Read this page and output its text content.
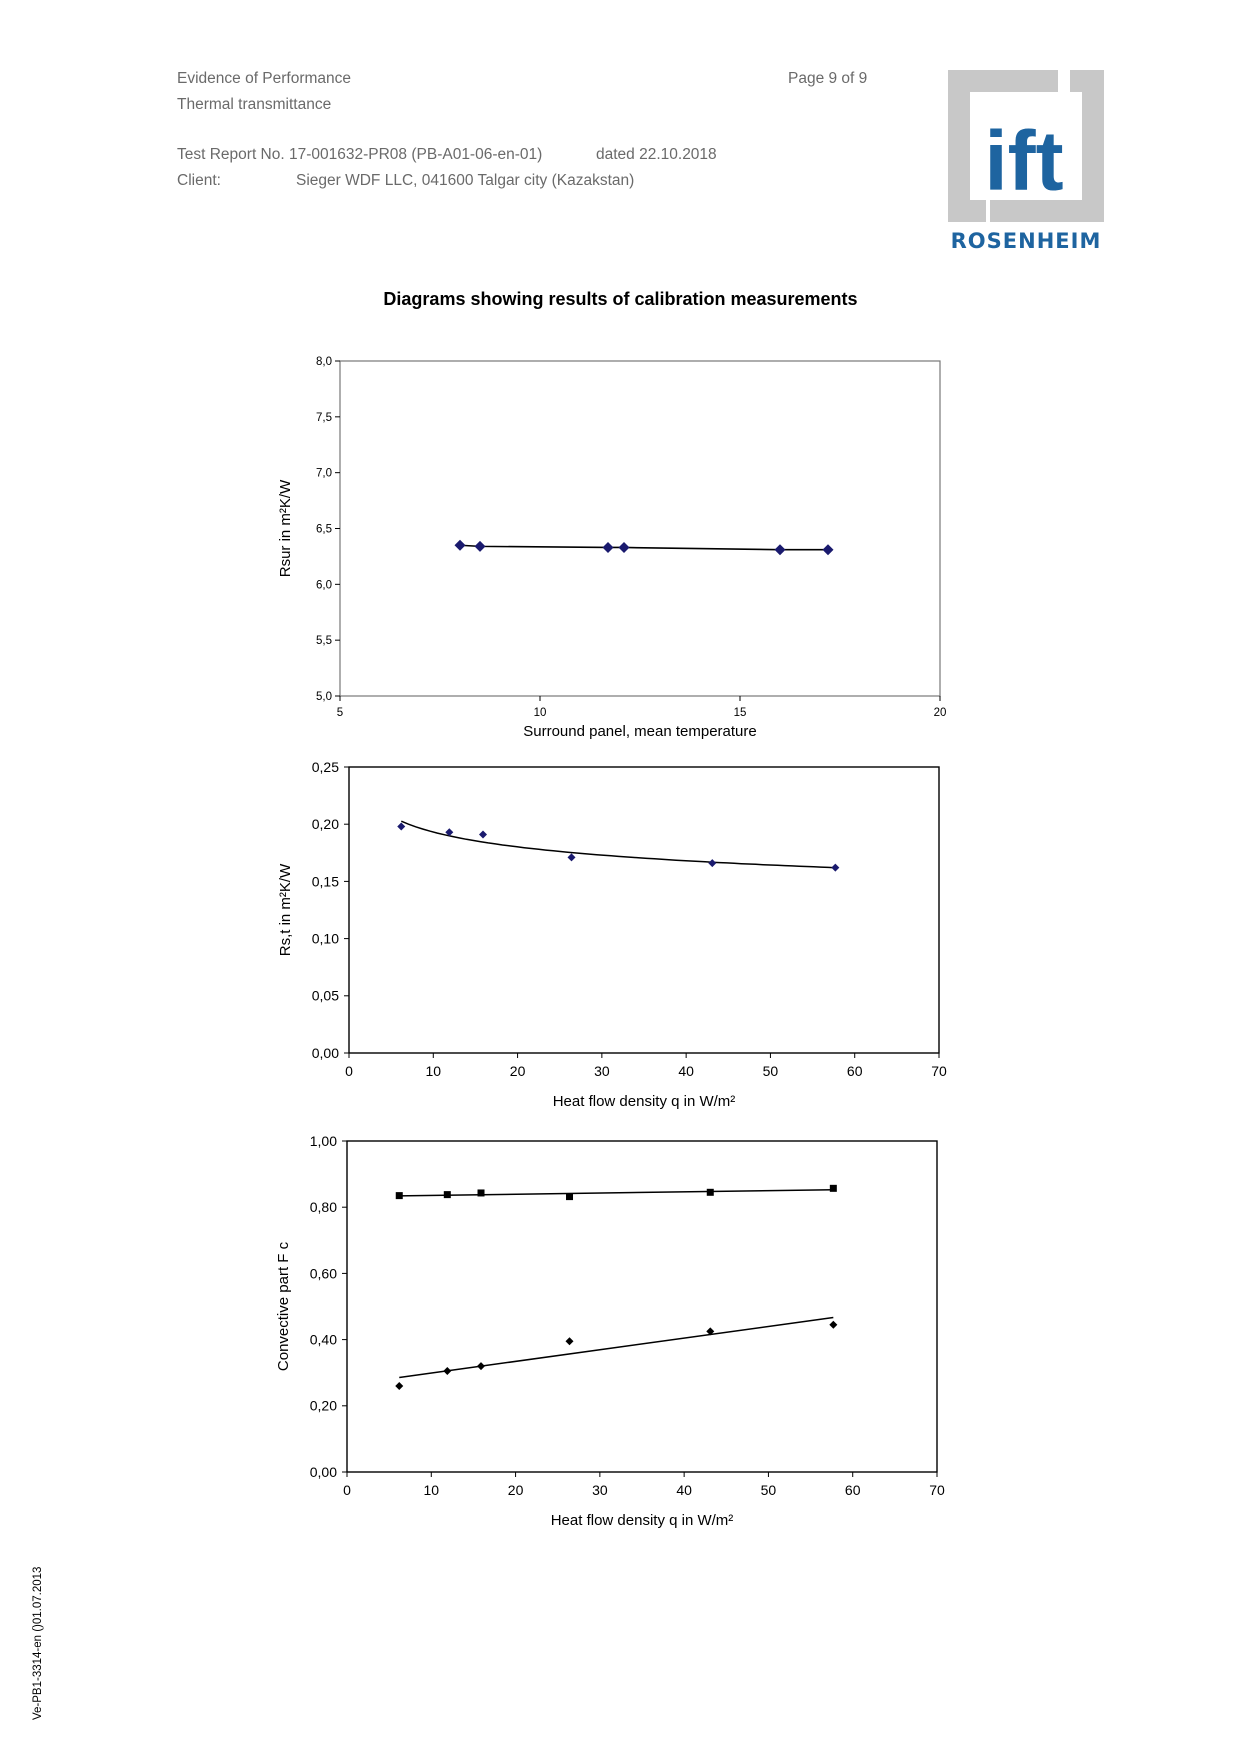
Evidence of Performance
Thermal transmittance
Page 9 of 9
Test Report No. 17-001632-PR08 (PB-A01-06-en-01)	dated 22.10.2018
Client:	Sieger WDF LLC, 041600 Talgar city (Kazakstan)	ift
ROSENHEIM
Diagrams showing results of calibration measurements
5,0
5,5
6,0
6,5
7,0
7,5
8,0
5	10	15	20
Surround panel, mean temperature
Rsur in m²K/W
0,00
0,05
0,10
0,15
0,20
0,25
0	10	20	30	40	50	60	70
Heat flow density q in W/m²
Rs,t in m²K/W
0,00
0,20
0,40
0,60
0,80
1,00
0	10	20	30	40	50	60	70
Heat flow density q in W/m²
Convective part F c
Ve-PB1-3314-en ()01.07.2013
